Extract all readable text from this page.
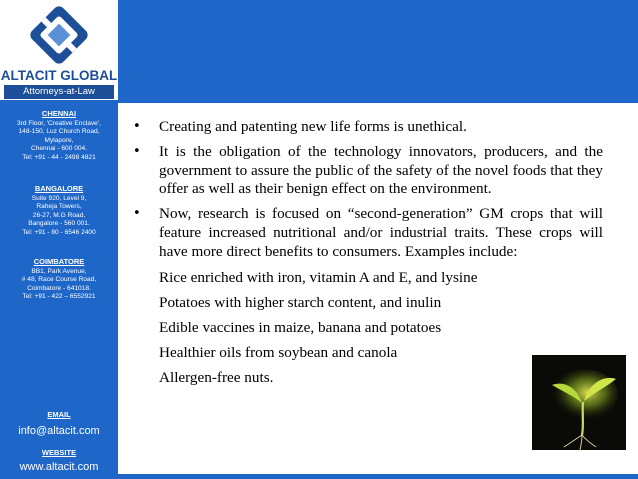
ALTACIT GLOBAL
Attorneys-at-Law
CHENNAI
3rd Floor, 'Creative Enclave',
148-150, Luz Church Road,
Mylapore,
Chennai - 600 004.
Tel: +91 - 44 - 2498 4821
BANGALORE
Suite 920, Level 9,
Raheja Towers,
26-27, M.G Road,
Bangalore - 560 001.
Tel: +91 - 80 - 6546 2400
COIMBATORE
BB1, Park Avenue,
# 48, Race Course Road,
Coimbatore - 641018.
Tel: +91 - 422 – 6552921
EMAIL
info@altacit.com
WEBSITE
www.altacit.com

• Creating and patenting new life forms is unethical.

• It is the obligation of the technology innovators, producers, and the government to assure the public of the safety of the novel foods that they offer as well as their benign effect on the environment.

• Now, research is focused on “second-generation” GM crops that will feature increased nutritional and/or industrial traits. These crops will have more direct benefits to consumers. Examples include:

Rice enriched with iron, vitamin A and E, and lysine
Potatoes with higher starch content, and inulin
Edible vaccines in maize, banana and potatoes
Healthier oils from soybean and canola
Allergen-free nuts.
